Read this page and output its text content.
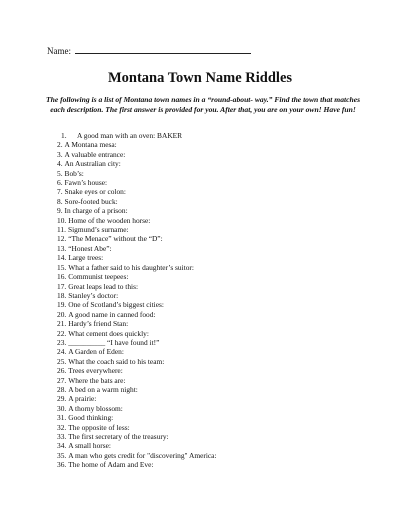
Name:
Montana Town Name Riddles
The following is a list of Montana town names in a “round-about- way.” Find the town that matches each description. The first answer is provided for you. After that, you are on your own! Have fun!
1.	A good man with an oven: BAKER
2. A Montana mesa:
3. A valuable entrance:
4. An Australian city:
5. Bob’s:
6. Fawn’s house:
7. Snake eyes or colon:
8. Sore-footed buck:
9. In charge of a prison:
10. Home of the wooden horse:
11. Sigmund’s surname:
12. “The Menace” without the “D”:
13. “Honest Abe”:
14. Large trees:
15. What a father said to his daughter’s suitor:
16. Communist teepees:
17. Great leaps lead to this:
18. Stanley’s doctor:
19. One of Scotland’s biggest cities:
20. A good name in canned food:
21. Hardy’s friend Stan:
22. What cement does quickly:
23. __________ “I have found it!”
24. A Garden of Eden:
25. What the coach said to his team:
26. Trees everywhere:
27. Where the bats are:
28. A bed on a warm night:
29. A prairie:
30. A thorny blossom:
31. Good thinking:
32. The opposite of less:
33. The first secretary of the treasury:
34. A small horse:
35. A man who gets credit for "discovering" America:
36. The home of Adam and Eve:
